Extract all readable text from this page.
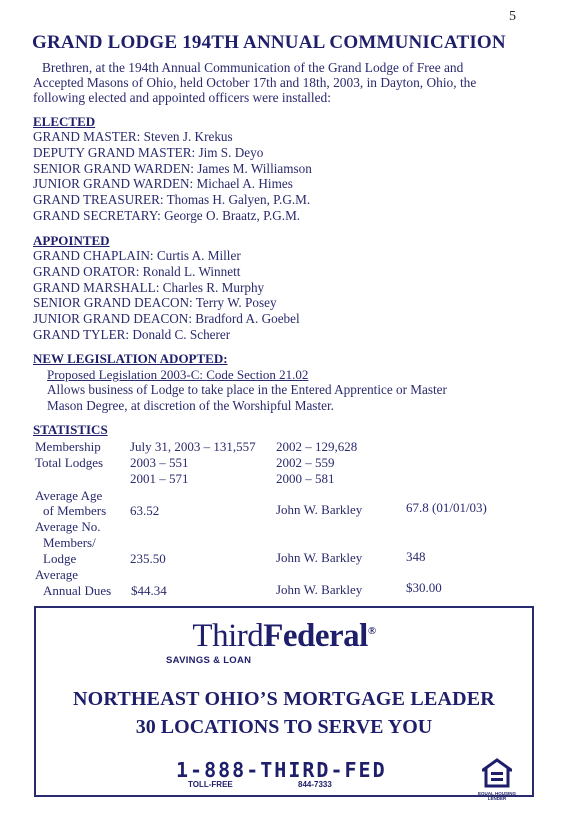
5
GRAND LODGE 194TH ANNUAL COMMUNICATION
Brethren, at the 194th Annual Communication of the Grand Lodge of Free and
Accepted Masons of Ohio, held October 17th and 18th, 2003, in Dayton, Ohio, the
following elected and appointed officers were installed:
ELECTED
GRAND MASTER: Steven J. Krekus
DEPUTY GRAND MASTER: Jim S. Deyo
SENIOR GRAND WARDEN: James M. Williamson
JUNIOR GRAND WARDEN: Michael A. Himes
GRAND TREASURER: Thomas H. Galyen, P.G.M.
GRAND SECRETARY: George O. Braatz, P.G.M.
APPOINTED
GRAND CHAPLAIN: Curtis A. Miller
GRAND ORATOR: Ronald L. Winnett
GRAND MARSHALL: Charles R. Murphy
SENIOR GRAND DEACON: Terry W. Posey
JUNIOR GRAND DEACON: Bradford A. Goebel
GRAND TYLER: Donald C. Scherer
NEW LEGISLATION ADOPTED:
Proposed Legislation 2003-C: Code Section 21.02
Allows business of Lodge to take place in the Entered Apprentice or Master
Mason Degree, at discretion of the Worshipful Master.
STATISTICS
Membership July 31, 2003 – 131,557 2002 – 129,628
Total Lodges 2003 – 551	2002 – 559
2001 – 571	2000 – 581
Average Age
of Members 63.52	John W. Barkley	67.8 (01/01/03)
Average No.
Members/
Lodge	235.50	John W. Barkley	348
Average
Annual Dues $44.34	John W. Barkley	$30.00
ThirdFederal®
SAVINGS & LOAN
NORTHEAST OHIO’S MORTGAGE LEADER
30 LOCATIONS TO SERVE YOU
1-888-THIRD-FED
TOLL-FREE	844-7333
EQUAL HOUSING LENDER
